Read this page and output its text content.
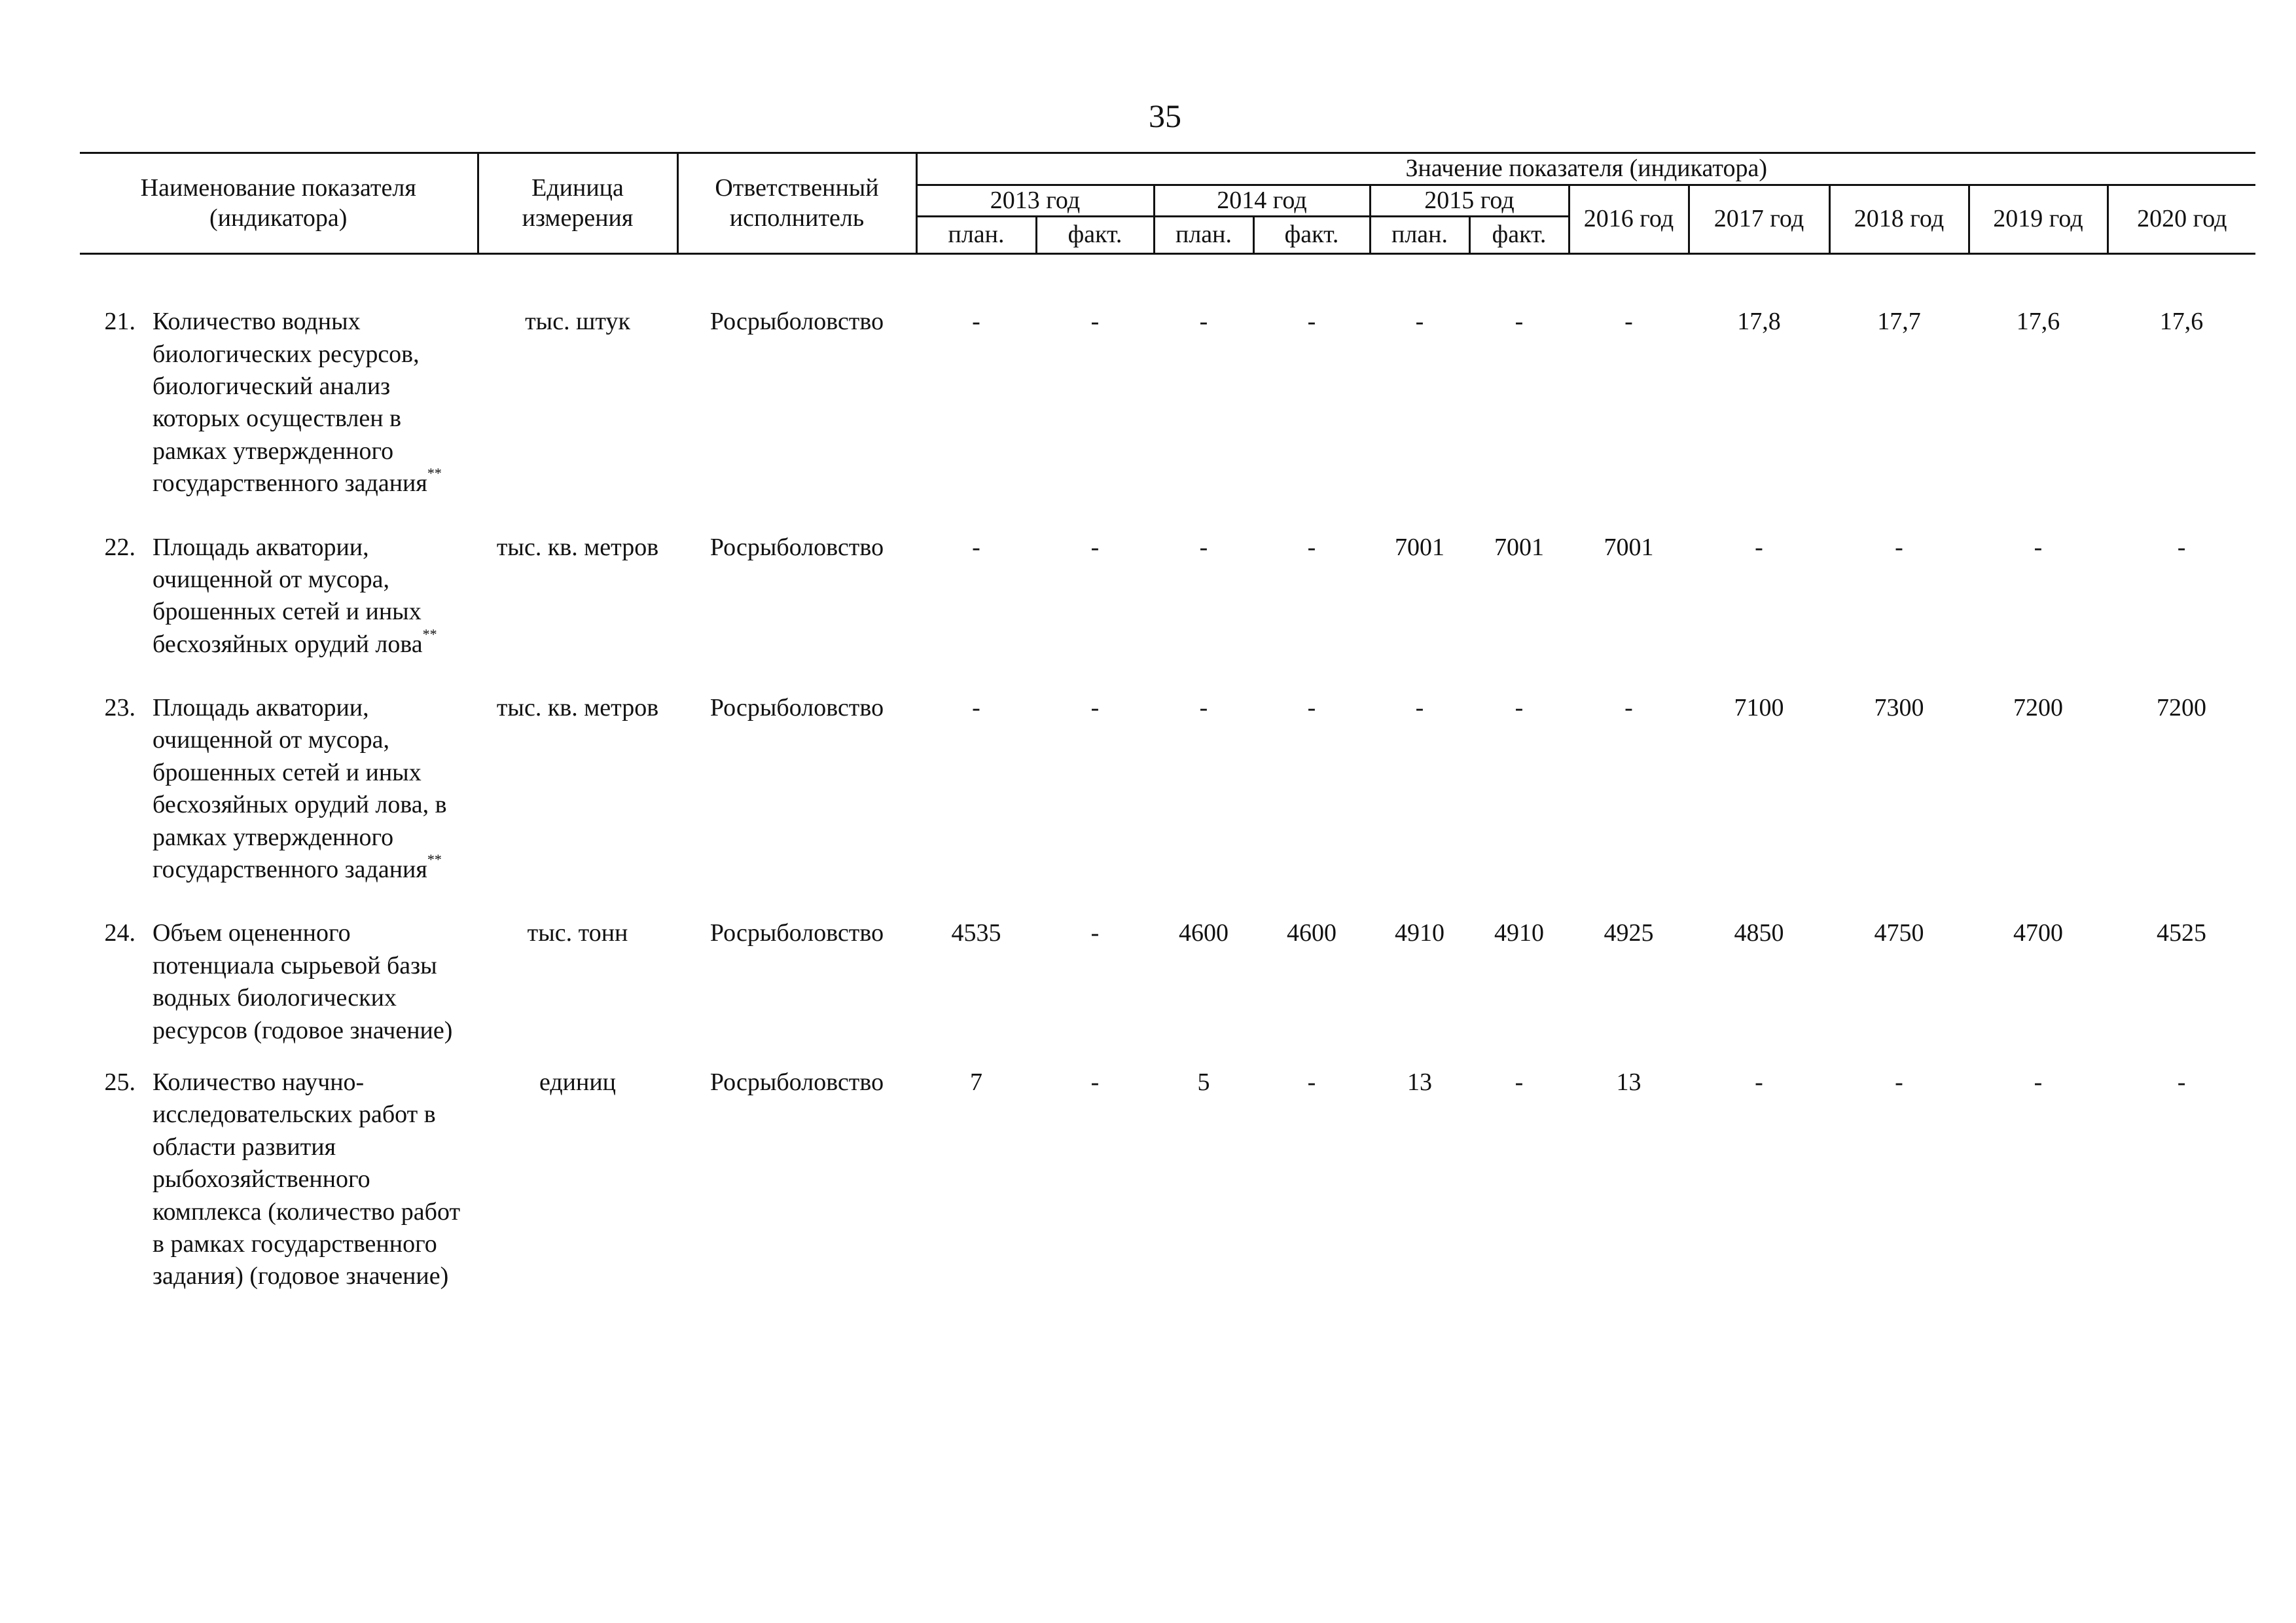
35
Наименование показателя (индикатора)		Единица измерения	Ответственный исполнитель	Значение показателя (индикатора)										
				2013 год		2014 год		2015 год		2016 год	2017 год	2018 год	2019 год	2020 год
				план.	факт.	план.	факт.	план.	факт.					

21.	Количество водных биологических ресурсов, биологический анализ которых осуществлен в рамках утвержденного государственного задания**	тыс. штук	Росрыболовство	-	-	-	-	-	-	-	17,8	17,7	17,6	17,6
22.	Площадь акватории, очищенной от мусора, брошенных сетей и иных бесхозяйных орудий лова**	тыс. кв. метров	Росрыболовство	-	-	-	-	7001	7001	7001	-	-	-	-
23.	Площадь акватории, очищенной от мусора, брошенных сетей и иных бесхозяйных орудий лова, в рамках утвержденного государственного задания**	тыс. кв. метров	Росрыболовство	-	-	-	-	-	-	-	7100	7300	7200	7200
24.	Объем оцененного потенциала сырьевой базы водных биологических ресурсов (годовое значение)	тыс. тонн	Росрыболовство	4535	-	4600	4600	4910	4910	4925	4850	4750	4700	4525
25.	Количество научно-исследовательских работ в области развития рыбохозяйственного комплекса (количество работ в рамках государственного задания) (годовое значение)	единиц	Росрыболовство	7	-	5	-	13	-	13	-	-	-	-
